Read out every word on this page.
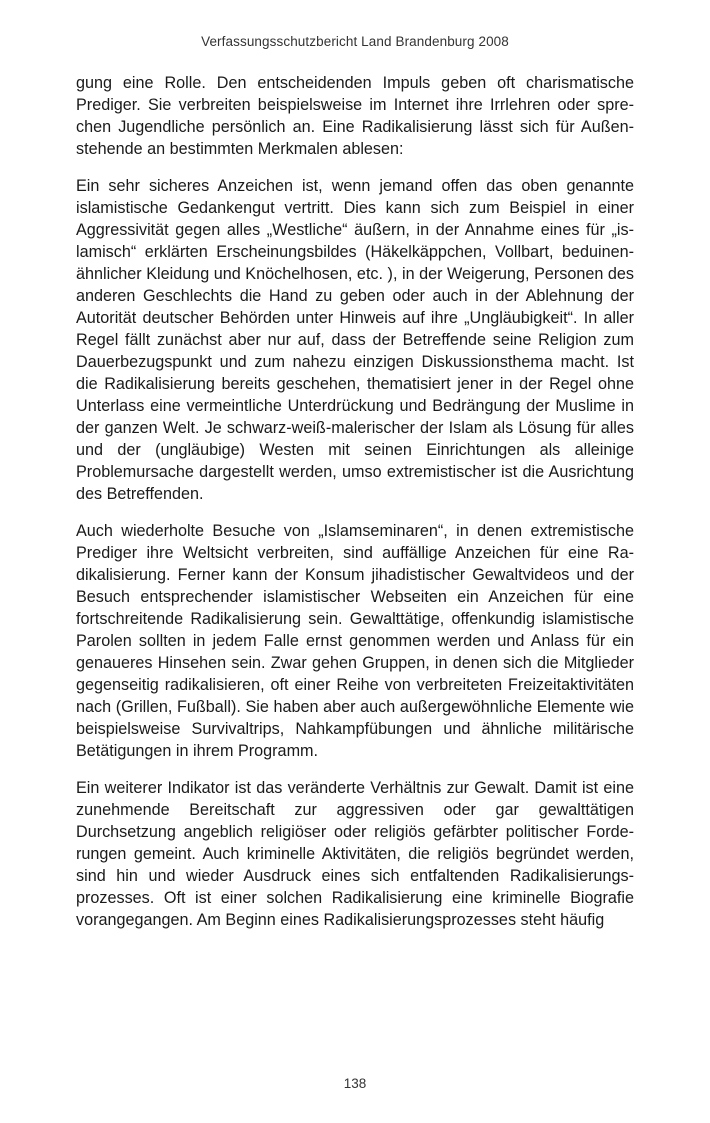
Verfassungsschutzbericht Land Brandenburg 2008

gung eine Rolle. Den entscheidenden Impuls geben oft charismatische Prediger. Sie verbreiten beispielsweise im Internet ihre Irrlehren oder sprechen Jugendliche persönlich an. Eine Radikalisierung lässt sich für Außenstehende an bestimmten Merkmalen ablesen:

Ein sehr sicheres Anzeichen ist, wenn jemand offen das oben genannte islamistische Gedankengut vertritt. Dies kann sich zum Beispiel in einer Aggressivität gegen alles „Westliche“ äußern, in der Annahme eines für „islamisch“ erklärten Erscheinungsbildes (Häkelkäppchen, Vollbart, beduinenähnlicher Kleidung und Knöchelhosen, etc. ), in der Weigerung, Personen des anderen Geschlechts die Hand zu geben oder auch in der Ablehnung der Autorität deutscher Behörden unter Hinweis auf ihre „Ungläubigkeit“. In aller Regel fällt zunächst aber nur auf, dass der Betreffende seine Religion zum Dauerbezugspunkt und zum nahezu einzigen Diskussionsthema macht. Ist die Radikalisierung bereits geschehen, thematisiert jener in der Regel ohne Unterlass eine vermeintliche Unterdrückung und Bedrängung der Muslime in der ganzen Welt. Je schwarz-weiß-malerischer der Islam als Lösung für alles und der (ungläubige) Westen mit seinen Einrichtungen als alleinige Problemursache dargestellt werden, umso extremistischer ist die Ausrichtung des Betreffenden.

Auch wiederholte Besuche von „Islamseminaren“, in denen extremistische Prediger ihre Weltsicht verbreiten, sind auffällige Anzeichen für eine Radikalisierung. Ferner kann der Konsum jihadistischer Gewaltvideos und der Besuch entsprechender islamistischer Webseiten ein Anzeichen für eine fortschreitende Radikalisierung sein. Gewalttätige, offenkundig islamistische Parolen sollten in jedem Falle ernst genommen werden und Anlass für ein genaueres Hinsehen sein. Zwar gehen Gruppen, in denen sich die Mitglieder gegenseitig radikalisieren, oft einer Reihe von verbreiteten Freizeitaktivitäten nach (Grillen, Fußball). Sie haben aber auch außergewöhnliche Elemente wie beispielsweise Survivaltrips, Nahkampfübungen und ähnliche militärische Betätigungen in ihrem Programm.

Ein weiterer Indikator ist das veränderte Verhältnis zur Gewalt. Damit ist eine zunehmende Bereitschaft zur aggressiven oder gar gewalttätigen Durchsetzung angeblich religiöser oder religiös gefärbter politischer Forderungen gemeint. Auch kriminelle Aktivitäten, die religiös begründet werden, sind hin und wieder Ausdruck eines sich entfaltenden Radikalisierungsprozesses. Oft ist einer solchen Radikalisierung eine kriminelle Biografie vorangegangen. Am Beginn eines Radikalisierungsprozesses steht häufig

138
